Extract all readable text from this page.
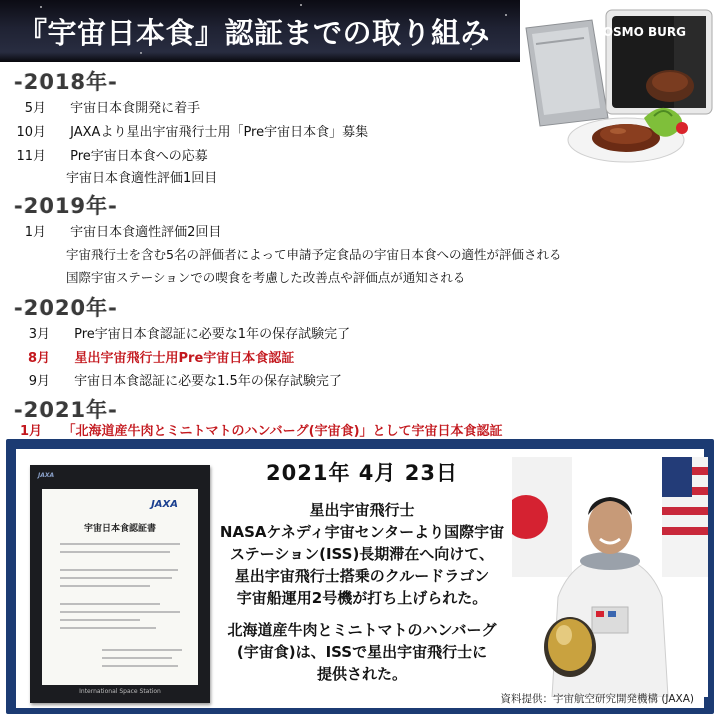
『宇宙日本食』認証までの取り組み	COSMO BURG
-2018年-
5月 宇宙日本食開発に着手
10月 JAXAより星出宇宙飛行士用「Pre宇宙日本食」募集
11月 Pre宇宙日本食への応募
宇宙日本食適性評価1回目
-2019年-
1月 宇宙日本食適性評価2回目
宇宙飛行士を含む5名の評価者によって申請予定食品の宇宙日本食への適性が評価される
国際宇宙ステーションでの喫食を考慮した改善点や評価点が通知される
-2020年-
3月 Pre宇宙日本食認証に必要な1年の保存試験完了
8月 星出宇宙飛行士用Pre宇宙日本食認証
9月 宇宙日本食認証に必要な1.5年の保存試験完了
-2021年-
1月 「北海道産牛肉とミニトマトのハンバーグ(宇宙食)」として宇宙日本食認証
JAXA
JAXA
宇宙日本食認証書
International Space Station
2021年 4月 23日
星出宇宙飛行士
NASAケネディ宇宙センターより国際宇宙
ステーション(ISS)長期滞在へ向けて、
星出宇宙飛行士搭乗のクルードラゴン
宇宙船運用2号機が打ち上げられた。
北海道産牛肉とミニトマトのハンバーグ
(宇宙食)は、ISSで星出宇宙飛行士に
提供された。
資料提供：宇宙航空研究開発機構 (JAXA)
